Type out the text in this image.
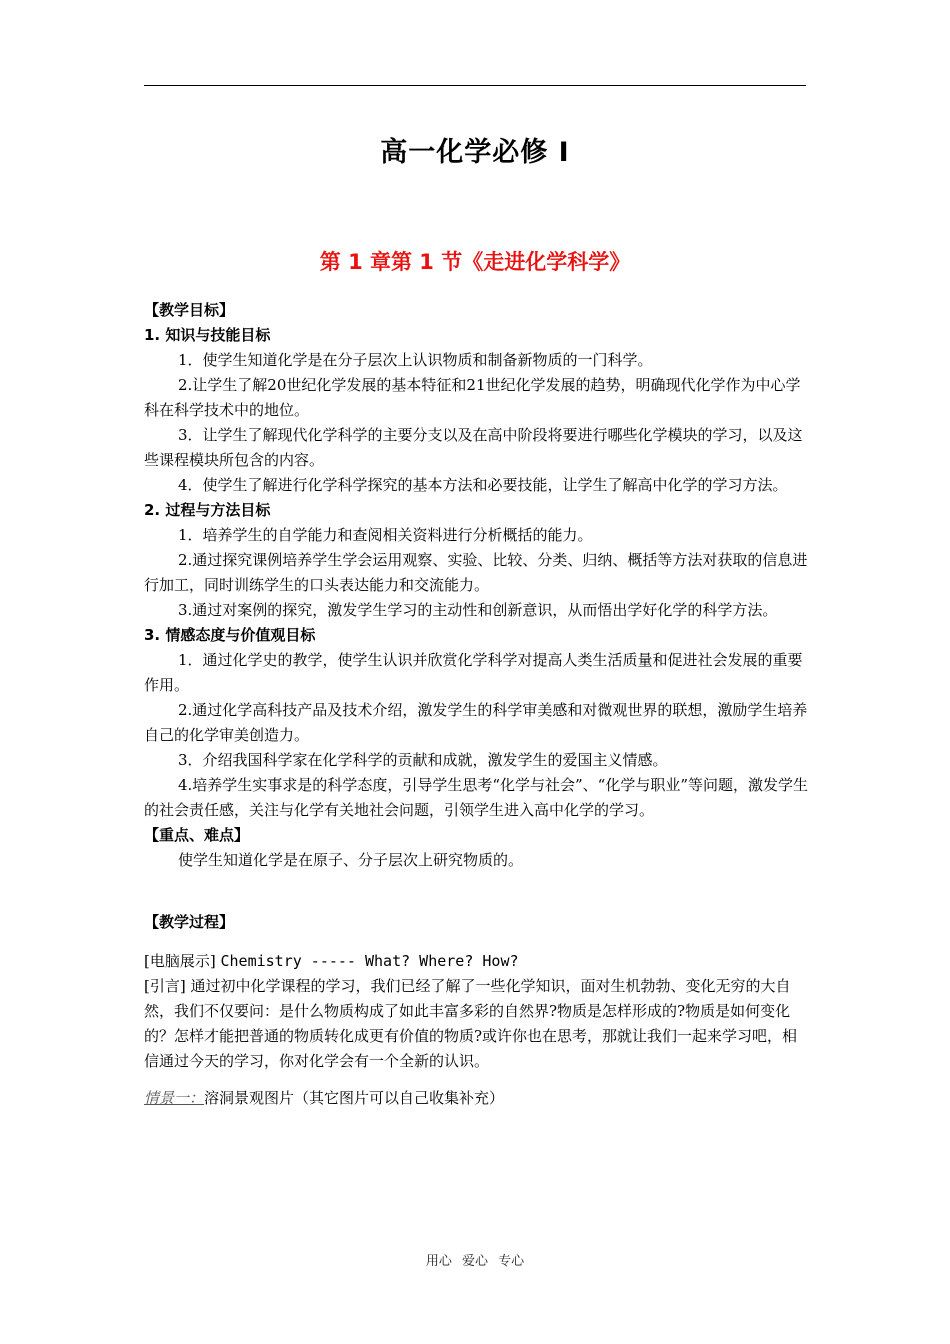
高一化学必修 I
第 1 章第 1 节《走进化学科学》

【教学目标】

1. 知识与技能目标

1．使学生知道化学是在分子层次上认识物质和制备新物质的一门科学。

2.让学生了解20世纪化学发展的基本特征和21世纪化学发展的趋势，明确现代化学作为中心学科在科学技术中的地位。

3．让学生了解现代化学科学的主要分支以及在高中阶段将要进行哪些化学模块的学习，以及这些课程模块所包含的内容。

4．使学生了解进行化学科学探究的基本方法和必要技能，让学生了解高中化学的学习方法。

2. 过程与方法目标

1．培养学生的自学能力和查阅相关资料进行分析概括的能力。

2.通过探究课例培养学生学会运用观察、实验、比较、分类、归纳、概括等方法对获取的信息进行加工，同时训练学生的口头表达能力和交流能力。

3.通过对案例的探究，激发学生学习的主动性和创新意识，从而悟出学好化学的科学方法。

3. 情感态度与价值观目标

1．通过化学史的教学，使学生认识并欣赏化学科学对提高人类生活质量和促进社会发展的重要作用。

2.通过化学高科技产品及技术介绍，激发学生的科学审美感和对微观世界的联想，激励学生培养自己的化学审美创造力。

3．介绍我国科学家在化学科学的贡献和成就，激发学生的爱国主义情感。

4.培养学生实事求是的科学态度，引导学生思考“化学与社会”、“化学与职业”等问题，激发学生的社会责任感，关注与化学有关地社会问题，引领学生进入高中化学的学习。

【重点、难点】

使学生知道化学是在原子、分子层次上研究物质的。

【教学过程】

[电脑展示] Chemistry ----- What? Where? How?

[引言] 通过初中化学课程的学习，我们已经了解了一些化学知识，面对生机勃勃、变化无穷的大自然，我们不仅要问：是什么物质构成了如此丰富多彩的自然界?物质是怎样形成的?物质是如何变化的？怎样才能把普通的物质转化成更有价值的物质?或许你也在思考，那就让我们一起来学习吧，相信通过今天的学习，你对化学会有一个全新的认识。

情景一：溶洞景观图片（其它图片可以自己收集补充）

用心 爱心 专心
